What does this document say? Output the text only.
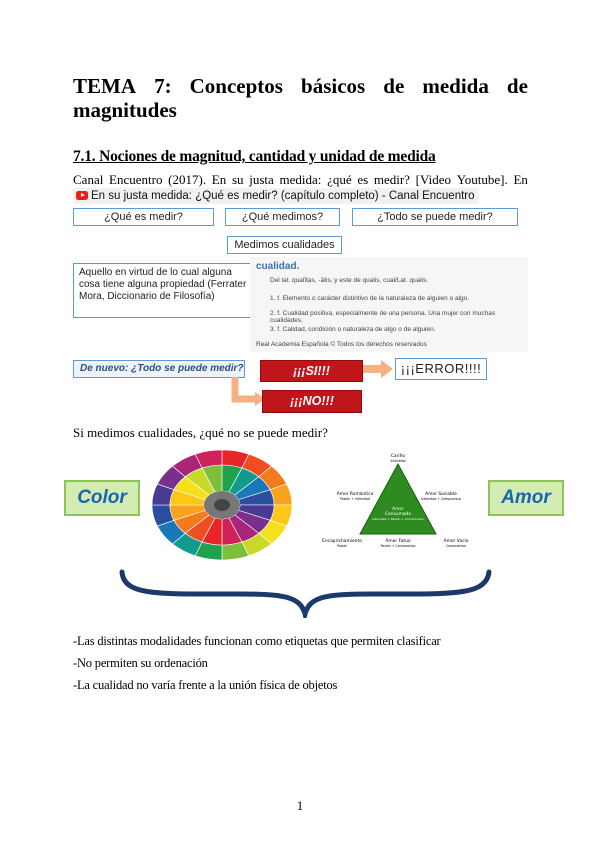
TEMA 7: Conceptos básicos de medida de
magnitudes
7.1. Nociones de magnitud, cantidad y unidad de medida
Canal Encuentro (2017). En su justa medida: ¿qué es medir? [Video Youtube]. En
En su justa medida: ¿Qué es medir? (capítulo completo) - Canal Encuentro
¿Qué es medir?	¿Qué medimos?	¿Todo se puede medir?
Medimos cualidades
Aquello en virtud de lo cual alguna cosa tiene alguna propiedad (Ferrater Mora, Diccionario de Filosofía)
cualidad.
Del lat. qualĭtas, -ātis, y este de qualis, cual/Lat. qualis.
1. f. Elemento o carácter distintivo de la naturaleza de alguien o algo.
2. f. Cualidad positiva, especialmente de una persona. Una mujer con muchas cualidades.
3. f. Calidad, condición o naturaleza de algo o de alguien.
Real Academia Española © Todos los derechos reservados
De nuevo: ¿Todo se puede medir?	¡¡¡SI!!!	¡¡¡ERROR!!!!
¡¡¡NO!!!
Si medimos cualidades, ¿qué no se puede medir?
Color
Cariño
Intimidad
Amor Romántico
Pasión + Intimidad
Amor Sociable
Intimidad + Compromiso
Amor
Consumado
Intimidad + Pasión + Compromiso
Encaprichamiento
Pasión
Amor Fatuo
Pasión + Compromiso
Amor Vacío
Compromiso
Amor
-Las distintas modalidades funcionan como etiquetas que permiten clasificar
-No permiten su ordenación
-La cualidad no varía frente a la unión física de objetos
1
